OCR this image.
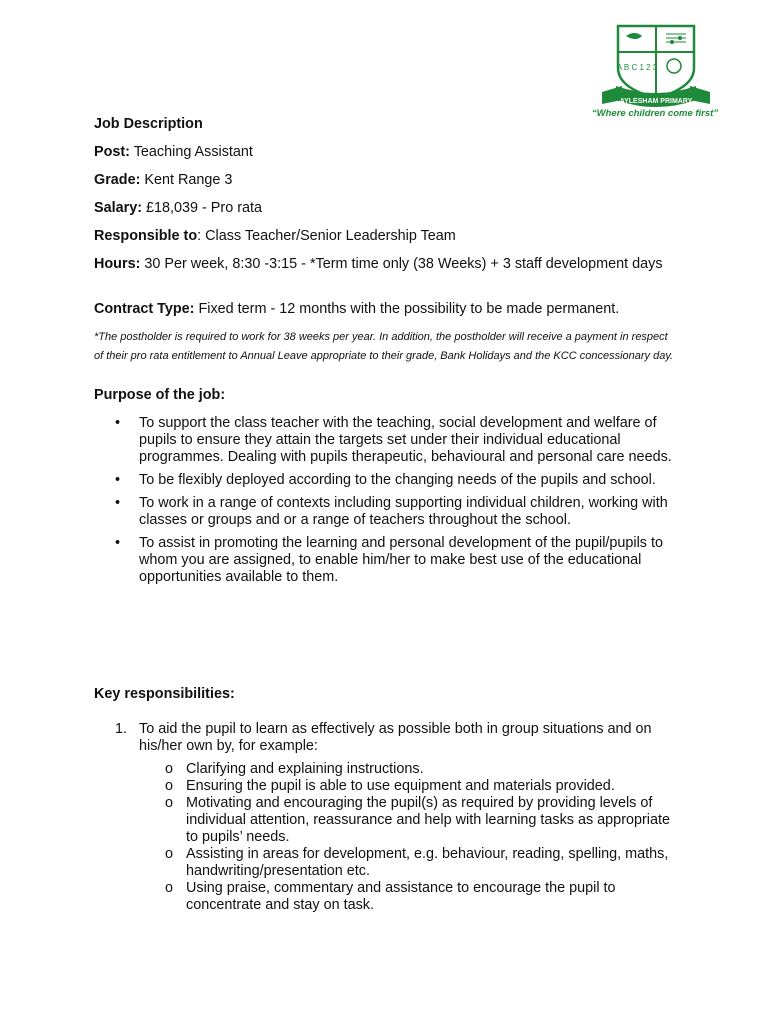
A B C 1 2 3
AYLESHAM PRIMARY
“Where children come first”
Job Description
Post: Teaching Assistant
Grade: Kent Range 3
Salary: £18,039 - Pro rata
Responsible to: Class Teacher/Senior Leadership Team
Hours: 30 Per week, 8:30 -3:15 - *Term time only (38 Weeks) + 3 staff development days
Contract Type: Fixed term - 12 months with the possibility to be made permanent.
*The postholder is required to work for 38 weeks per year. In addition, the postholder will receive a payment in respect of their pro rata entitlement to Annual Leave appropriate to their grade, Bank Holidays and the KCC concessionary day.
Purpose of the job:
• To support the class teacher with the teaching, social development and welfare of pupils to ensure they attain the targets set under their individual educational programmes. Dealing with pupils therapeutic, behavioural and personal care needs.
• To be flexibly deployed according to the changing needs of the pupils and school.
• To work in a range of contexts including supporting individual children, working with classes or groups and or a range of teachers throughout the school.
• To assist in promoting the learning and personal development of the pupil/pupils to whom you are assigned, to enable him/her to make best use of the educational opportunities available to them.
Key responsibilities:
1. To aid the pupil to learn as effectively as possible both in group situations and on his/her own by, for example:
o Clarifying and explaining instructions.
o Ensuring the pupil is able to use equipment and materials provided.
o Motivating and encouraging the pupil(s) as required by providing levels of individual attention, reassurance and help with learning tasks as appropriate to pupils’ needs.
o Assisting in areas for development, e.g. behaviour, reading, spelling, maths, handwriting/presentation etc.
o Using praise, commentary and assistance to encourage the pupil to concentrate and stay on task.
